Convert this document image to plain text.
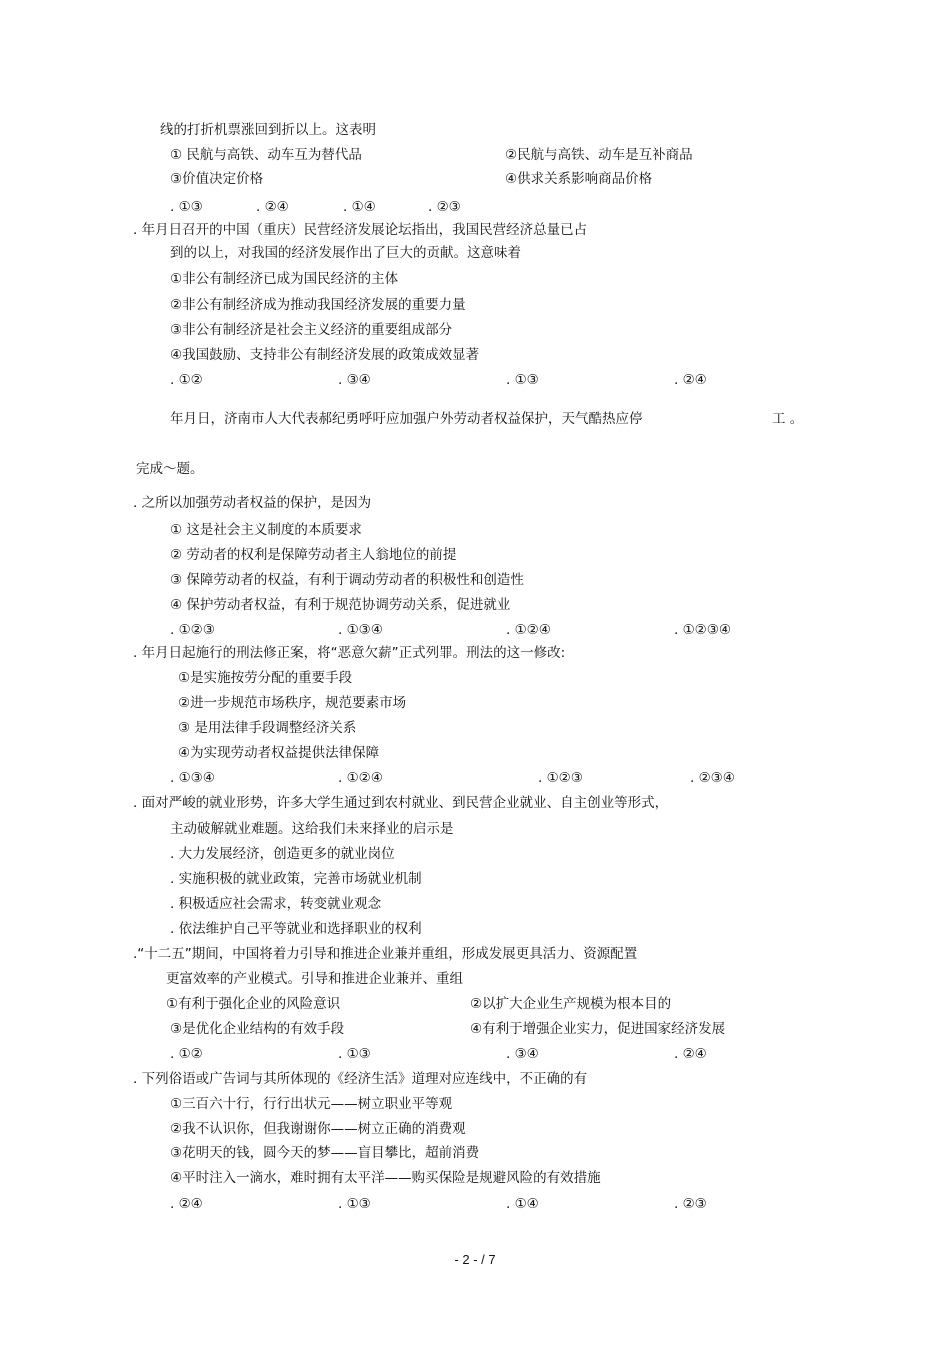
线的打折机票涨回到折以上。这表明
① 民航与高铁、动车互为替代品	②民航与高铁、动车是互补商品
③价值决定价格	④供求关系影响商品价格
. ①③	. ②④	. ①④	. ②③
. 年月日召开的中国（重庆）民营经济发展论坛指出，我国民营经济总量已占
到的以上，对我国的经济发展作出了巨大的贡献。这意味着
①非公有制经济已成为国民经济的主体
②非公有制经济成为推动我国经济发展的重要力量
③非公有制经济是社会主义经济的重要组成部分
④我国鼓励、支持非公有制经济发展的政策成效显著
. ①②	. ③④	. ①③	. ②④
年月日，济南市人大代表郝纪勇呼吁应加强户外劳动者权益保护，天气酷热应停	工 。
完成～题。
. 之所以加强劳动者权益的保护，是因为
① 这是社会主义制度的本质要求
② 劳动者的权利是保障劳动者主人翁地位的前提
③ 保障劳动者的权益，有利于调动劳动者的积极性和创造性
④ 保护劳动者权益，有利于规范协调劳动关系，促进就业
. ①②③	. ①③④	. ①②④	. ①②③④
. 年月日起施行的刑法修正案，将“恶意欠薪”正式列罪。刑法的这一修改:
①是实施按劳分配的重要手段
②进一步规范市场秩序，规范要素市场
③ 是用法律手段调整经济关系
④为实现劳动者权益提供法律保障
. ①③④	. ①②④	. ①②③	. ②③④
. 面对严峻的就业形势，许多大学生通过到农村就业、到民营企业就业、自主创业等形式，
主动破解就业难题。这给我们未来择业的启示是
. 大力发展经济，创造更多的就业岗位
. 实施积极的就业政策，完善市场就业机制
. 积极适应社会需求，转变就业观念
. 依法维护自己平等就业和选择职业的权利
.“十二五”期间，中国将着力引导和推进企业兼并重组，形成发展更具活力、资源配置
更富效率的产业模式。引导和推进企业兼并、重组
①有利于强化企业的风险意识	②以扩大企业生产规模为根本目的
③是优化企业结构的有效手段	④有利于增强企业实力，促进国家经济发展
. ①②	. ①③	. ③④	. ②④
. 下列俗语或广告词与其所体现的《经济生活》道理对应连线中，不正确的有
①三百六十行，行行出状元——树立职业平等观
②我不认识你，但我谢谢你——树立正确的消费观
③花明天的钱，圆今天的梦——盲目攀比，超前消费
④平时注入一滴水，难时拥有太平洋——购买保险是规避风险的有效措施
. ②④	. ①③	. ①④	. ②③
- 2 - / 7
